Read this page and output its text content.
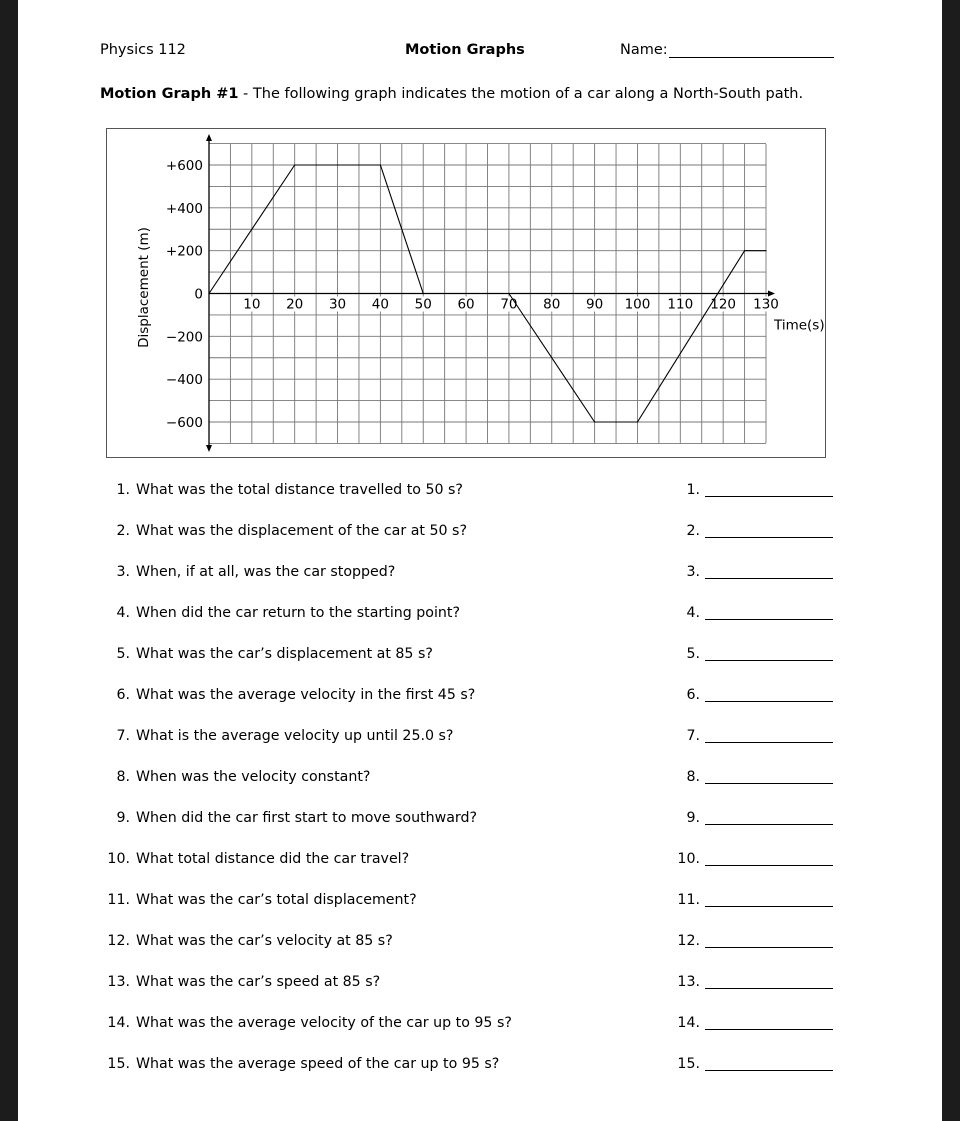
Physics 112	Motion Graphs	Name:
Motion Graph #1 - The following graph indicates the motion of a car along a North-South path.
10 20 30 40 50 60 70 80 90 100 110 120 130
+600
+400
+200
0
−200
−400
−600
Time(s)
Displacement (m)
1. What was the total distance travelled to 50 s?	1.
2. What was the displacement of the car at 50 s?	2.
3. When, if at all, was the car stopped?	3.
4. When did the car return to the starting point?	4.
5. What was the car’s displacement at 85 s?	5.
6. What was the average velocity in the first 45 s?	6.
7. What is the average velocity up until 25.0 s?	7.
8. When was the velocity constant?	8.
9. When did the car first start to move southward?	9.
10. What total distance did the car travel?	10.
11. What was the car’s total displacement?	11.
12. What was the car’s velocity at 85 s?	12.
13. What was the car’s speed at 85 s?	13.
14. What was the average velocity of the car up to 95 s?	14.
15. What was the average speed of the car up to 95 s?	15.
